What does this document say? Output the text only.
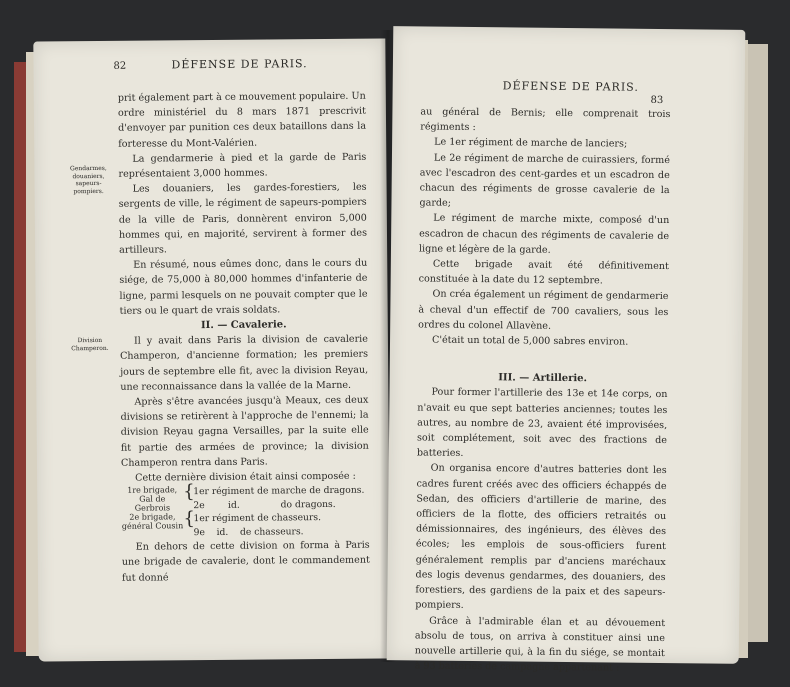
82	DÉFENSE DE PARIS.
Gendarmes, douaniers, sapeurs-pompiers.
Division Champeron.

prit également part à ce mouvement populaire. Un ordre ministériel du 8 mars 1871 prescrivit d'envoyer par punition ces deux bataillons dans la forteresse du Mont-Valérien.

La gendarmerie à pied et la garde de Paris représentaient 3,000 hommes.

Les douaniers, les gardes-forestiers, les sergents de ville, le régiment de sapeurs-pompiers de la ville de Paris, donnèrent environ 5,000 hommes qui, en majorité, servirent à former des artilleurs.

En résumé, nous eûmes donc, dans le cours du siége, de 75,000 à 80,000 hommes d'infanterie de ligne, parmi lesquels on ne pouvait compter que le tiers ou le quart de vrais soldats.

II. — Cavalerie.

Il y avait dans Paris la division de cavalerie Champeron, d'ancienne formation; les premiers jours de septembre elle fit, avec la division Reyau, une reconnaissance dans la vallée de la Marne.

Après s'être avancées jusqu'à Meaux, ces deux divisions se retirèrent à l'approche de l'ennemi; la division Reyau gagna Versailles, par la suite elle fit partie des armées de province; la division Champeron rentra dans Paris.

Cette dernière division était ainsi composée :

1re brigade, Gal de Gerbrois
{
1er régiment de marche de dragons.
2e        id.              do dragons.
2e brigade, général Cousin {
1er régiment de chasseurs.
9e    id.    de chasseurs.

En dehors de cette division on forma à Paris une brigade de cavalerie, dont le commandement fut donné

DÉFENSE DE PARIS.
83

au général de Bernis; elle comprenait trois régiments :

Le 1er régiment de marche de lanciers;

Le 2e régiment de marche de cuirassiers, formé avec l'escadron des cent-gardes et un escadron de chacun des régiments de grosse cavalerie de la garde;

Le régiment de marche mixte, composé d'un escadron de chacun des régiments de cavalerie de ligne et légère de la garde.

Cette brigade avait été définitivement constituée à la date du 12 septembre.

On créa également un régiment de gendarmerie à cheval d'un effectif de 700 cavaliers, sous les ordres du colonel Allavène.

C'était un total de 5,000 sabres environ.

III. — Artillerie.

Pour former l'artillerie des 13e et 14e corps, on n'avait eu que sept batteries anciennes; toutes les autres, au nombre de 23, avaient été improvisées, soit complétement, soit avec des fractions de batteries.

On organisa encore d'autres batteries dont les cadres furent créés avec des officiers échappés de Sedan, des officiers d'artillerie de marine, des officiers de la flotte, des officiers retraités ou démissionnaires, des ingénieurs, des élèves des écoles; les emplois de sous-officiers furent généralement remplis par d'anciens maréchaux des logis devenus gendarmes, des douaniers, des forestiers, des gardiens de la paix et des sapeurs-pompiers.

Grâce à l'admirable élan et au dévouement absolu de tous, on arriva à constituer ainsi une nouvelle artillerie qui, à la fin du siége, se montait à 93 batteries de campagne appartenant :
